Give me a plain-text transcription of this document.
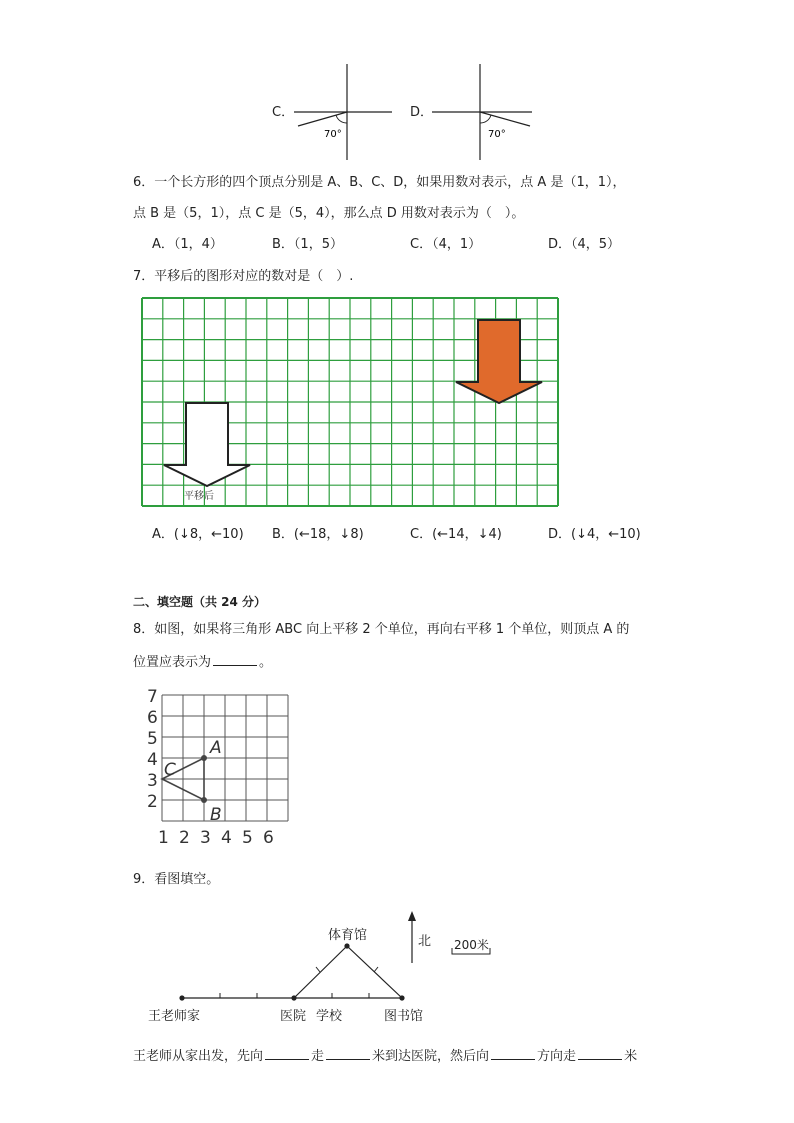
C．
70°
D．
70°
6．一个长方形的四个顶点分别是 A、B、C、D，如果用数对表示，点 A 是（1，1），
点 B 是（5，1），点 C 是（5，4），那么点 D 用数对表示为（　）。
A．（1，4）	B．（1，5）	C．（4，1）	D．（4，5）
7．平移后的图形对应的数对是（　）.
平移后
A．(↓8，←10) B．(←18，↓8)	C．(←14，↓4)	D．(↓4，←10)
二、填空题（共 24 分）
8．如图，如果将三角形 ABC 向上平移 2 个单位，再向右平移 1 个单位，则顶点 A 的
位置应表示为	。
7
6
5
4
3
2
1 2 3 4 5 6
A
B
C
9．看图填空。
王老师家	医院 学校	图书馆
体育馆	北 200米
王老师从家出发，先向	走	米到达医院，然后向	方向走	米
